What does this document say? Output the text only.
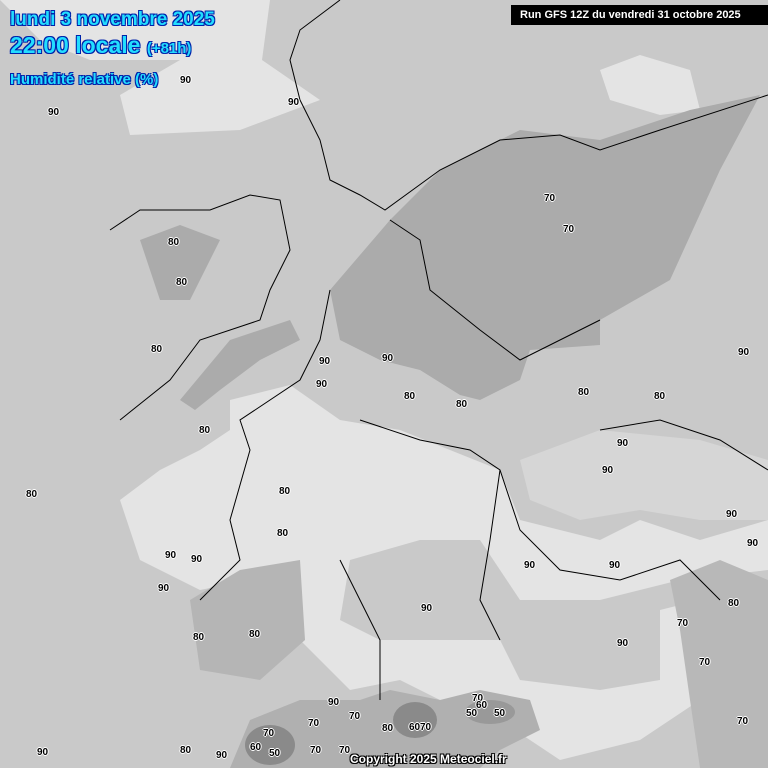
lundi 3 novembre 2025
22:00 locale (+81h)
Humidité relative (%)
Run GFS 12Z du vendredi 31 octobre 2025
Copyright 2025 Meteociel.fr
90
90
90
70
70
80
80
80
90	90
90
80
80
80	80
90
90
80
90
80	80
90
90 90
90	90
90
80
80
90
90
80
70
70
70
70
80
60
50
70
60
50
70
70 70
80 90
90
80 60
50
70
90
70
90
